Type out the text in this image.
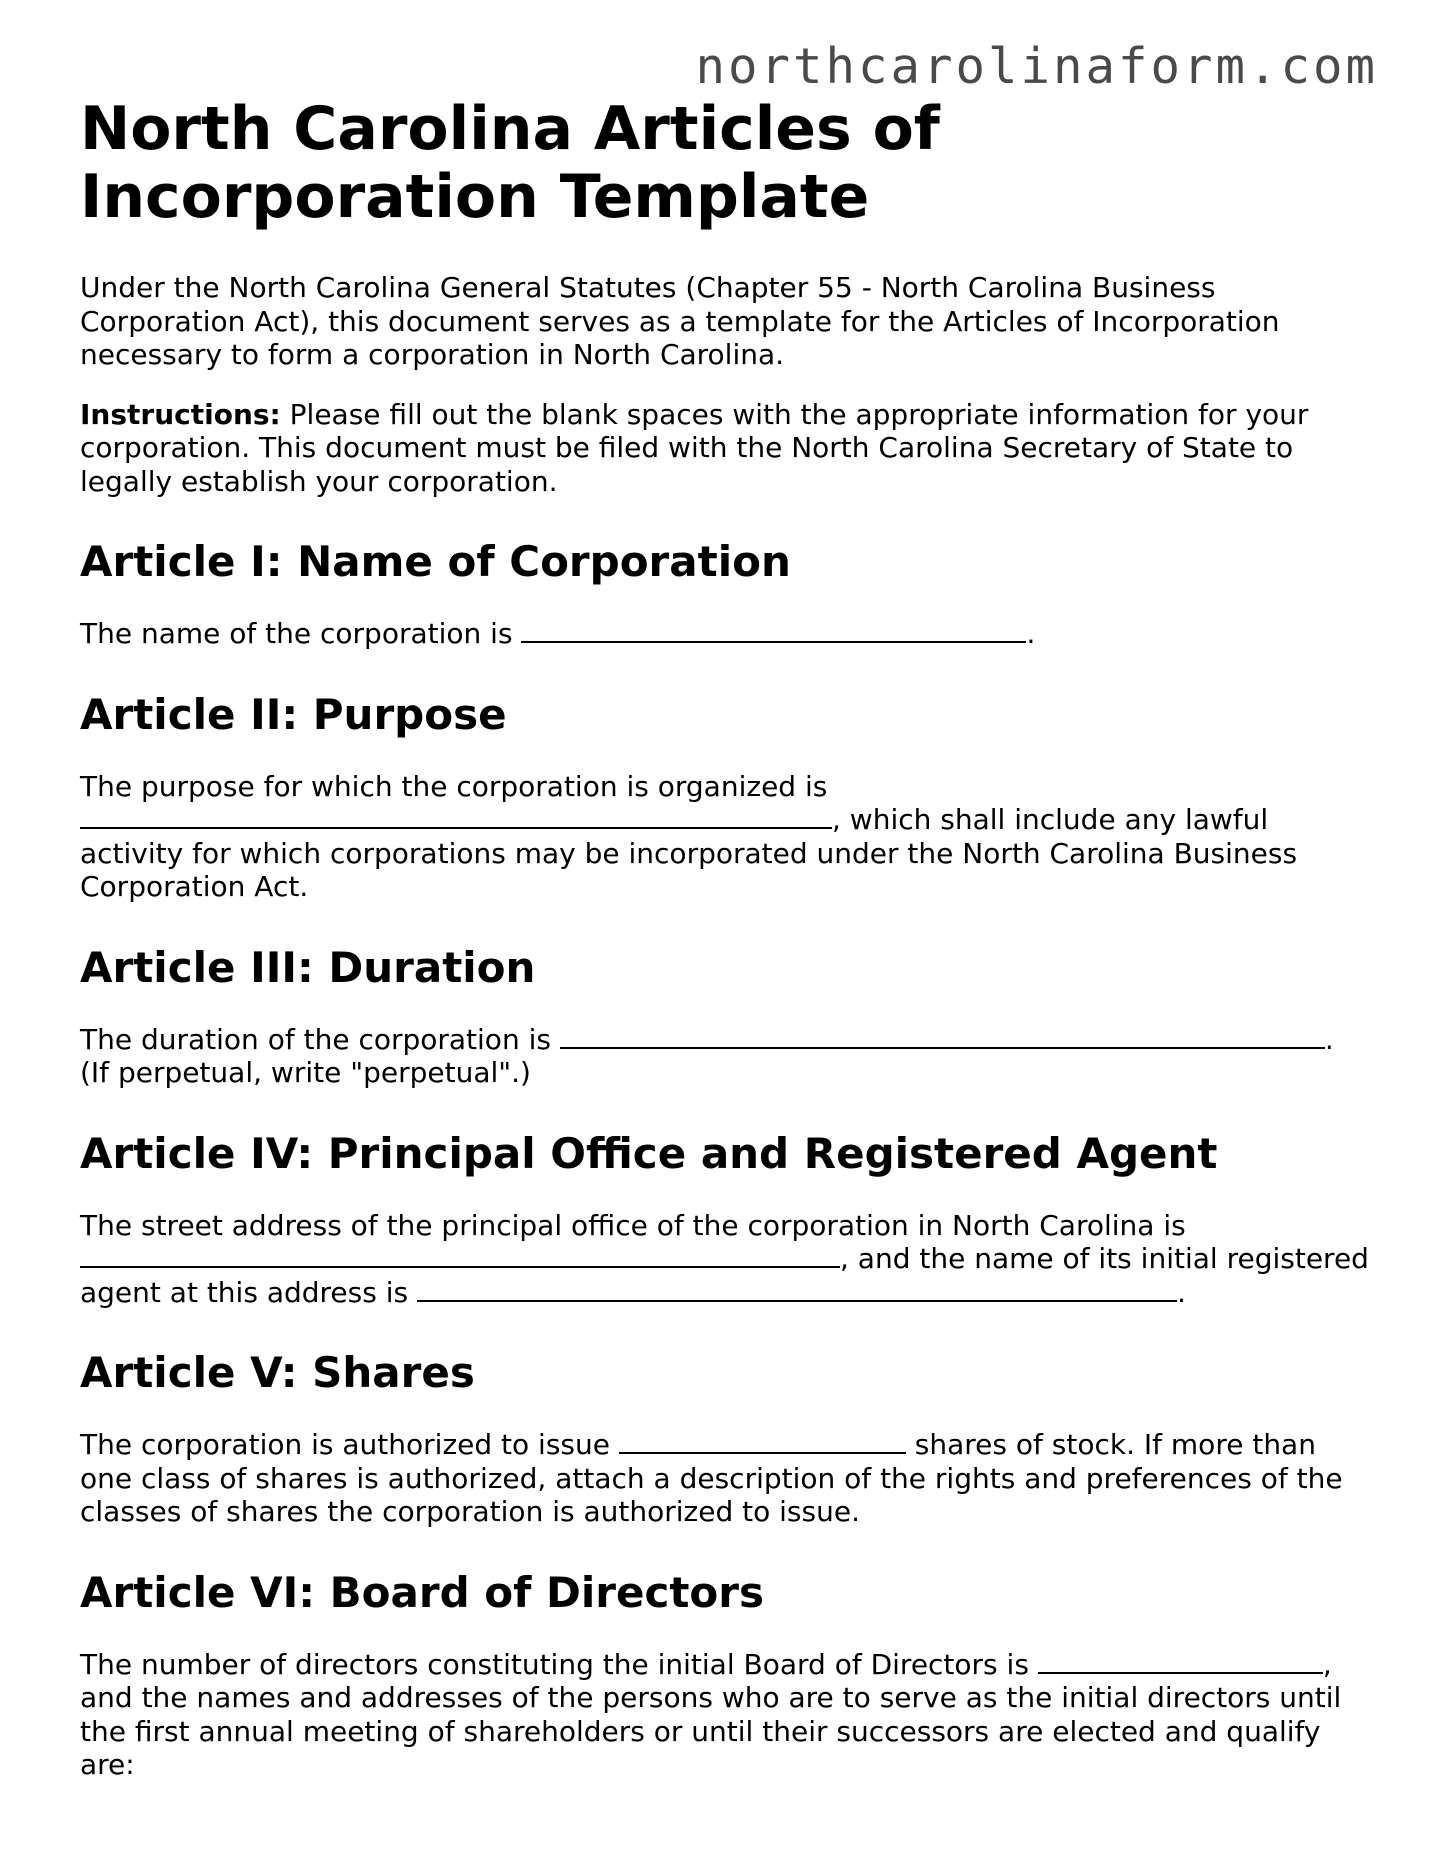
northcarolinaform.com
North Carolina Articles of Incorporation Template

Under the North Carolina General Statutes (Chapter 55 - North Carolina Business Corporation Act), this document serves as a template for the Articles of Incorporation necessary to form a corporation in North Carolina.

Instructions: Please fill out the blank spaces with the appropriate information for your corporation. This document must be filed with the North Carolina Secretary of State to legally establish your corporation.

Article I: Name of Corporation

The name of the corporation is	.

Article II: Purpose

The purpose for which the corporation is organized is , which shall include any lawful activity for which corporations may be incorporated under the North Carolina Business Corporation Act.

Article III: Duration

The duration of the corporation is	. (If perpetual, write "perpetual".)

Article IV: Principal Office and Registered Agent

The street address of the principal office of the corporation in North Carolina is , and the name of its initial registered agent at this address is	.

Article V: Shares

The corporation is authorized to issue	shares of stock. If more than one class of shares is authorized, attach a description of the rights and preferences of the classes of shares the corporation is authorized to issue.

Article VI: Board of Directors

The number of directors constituting the initial Board of Directors is	, and the names and addresses of the persons who are to serve as the initial directors until the first annual meeting of shareholders or until their successors are elected and qualify are:
